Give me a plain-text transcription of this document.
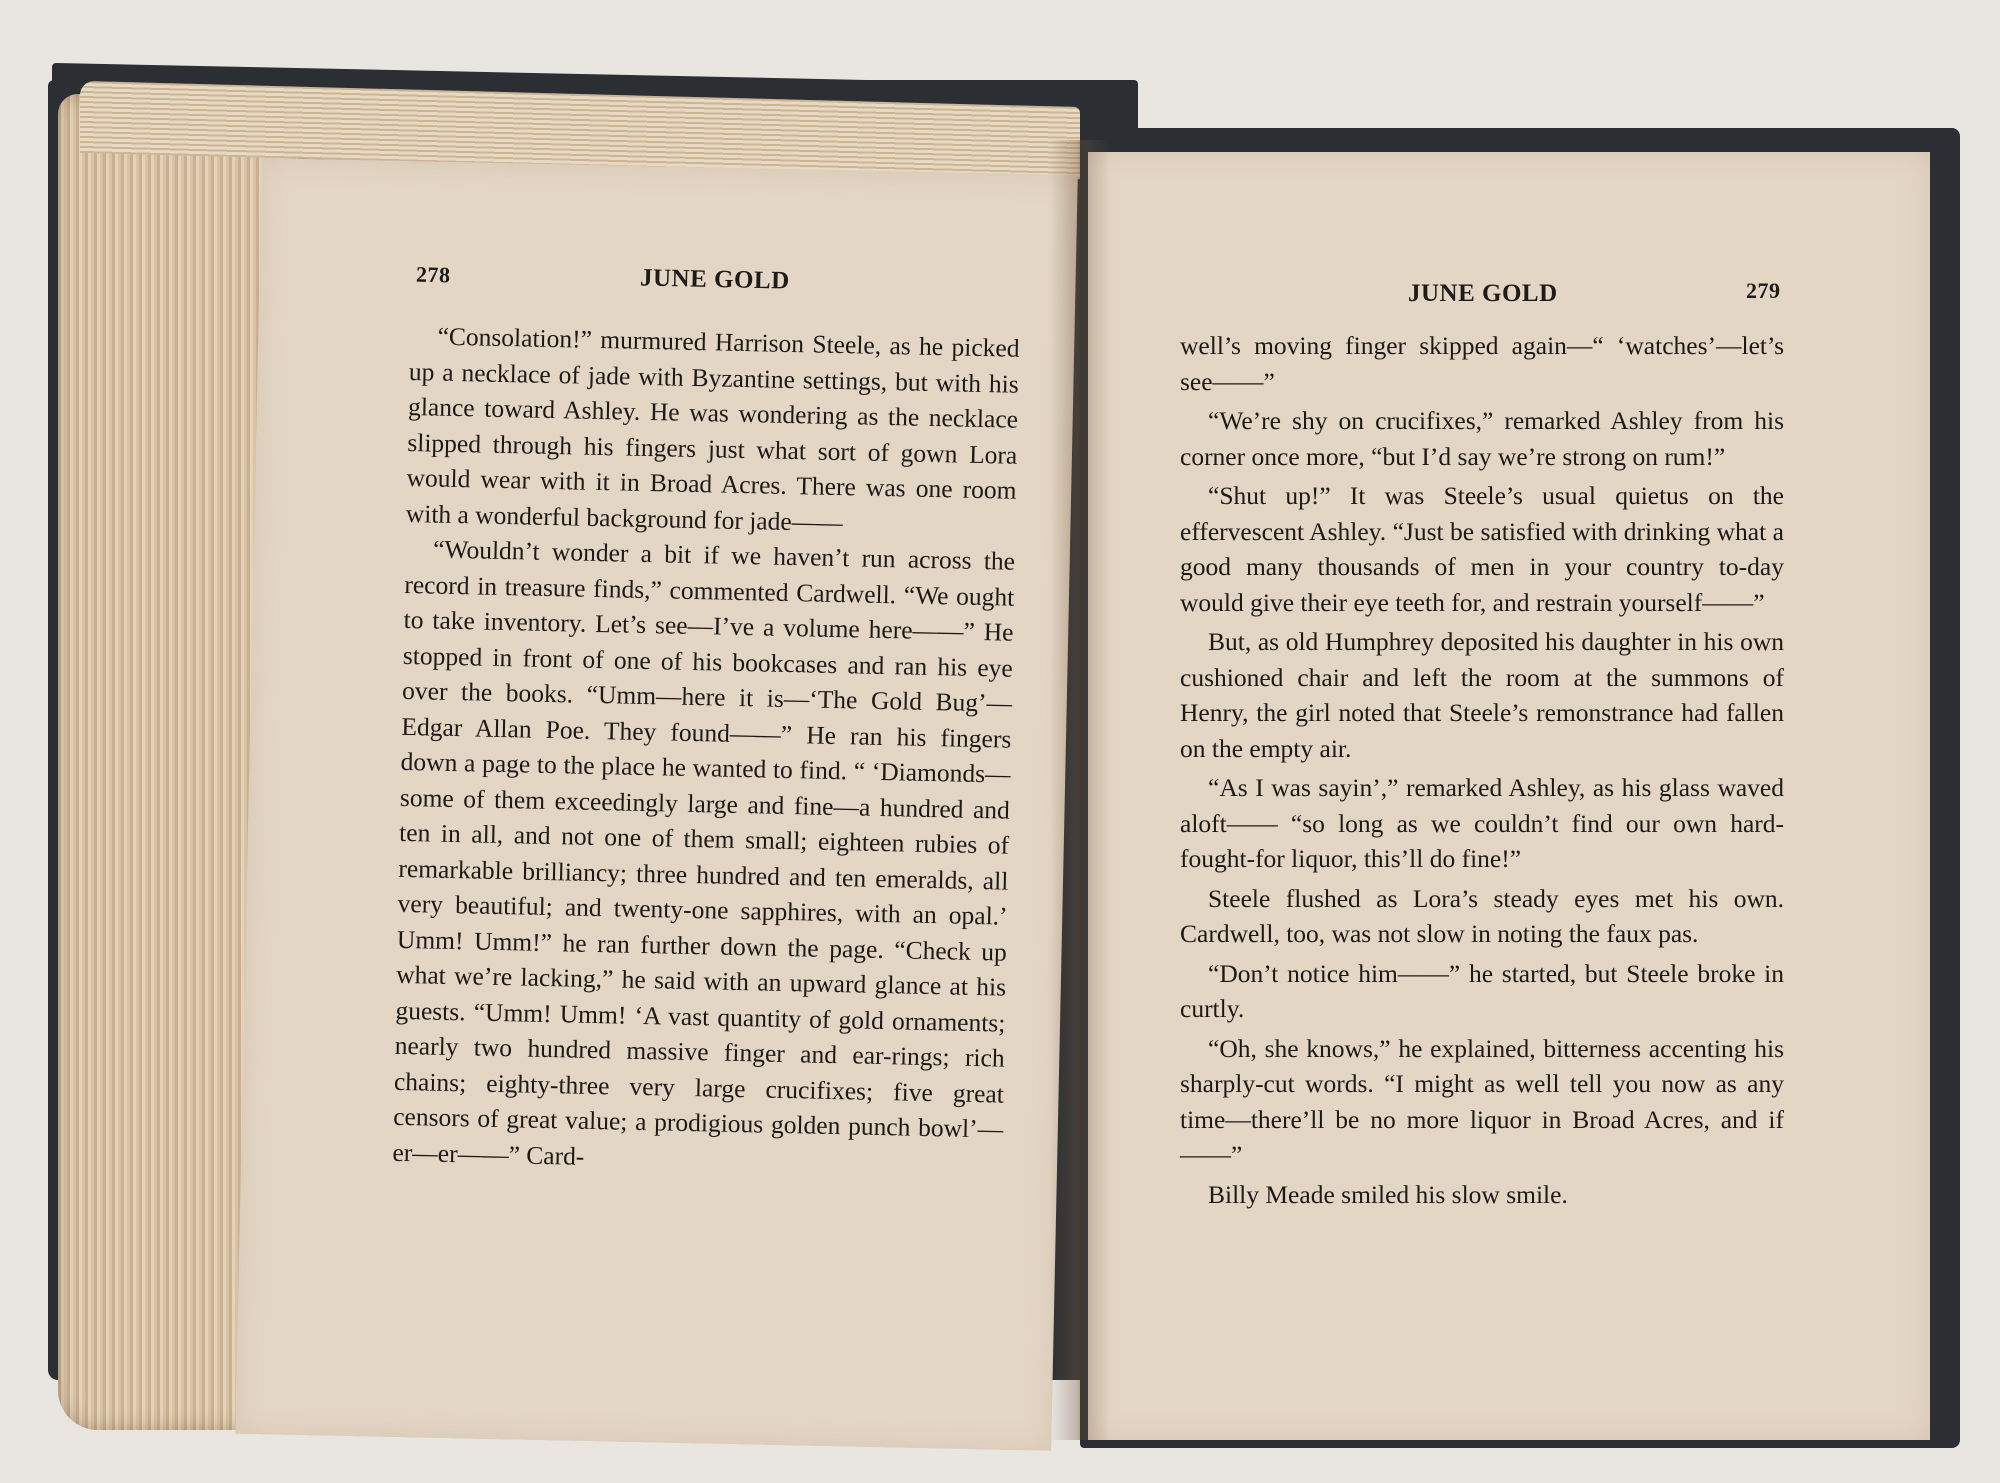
278	JUNE GOLD	JUNE GOLD	279

“Consolation!” murmured Harrison Steele, as he picked up a necklace of jade with Byzantine settings, but with his glance toward Ashley. He was wondering as the necklace slipped through his fingers just what sort of gown Lora would wear with it in Broad Acres. There was one room with a wonderful background for jade——

“Wouldn’t wonder a bit if we haven’t run across the record in treasure finds,” commented Cardwell. “We ought to take inventory. Let’s see—I’ve a volume here——” He stopped in front of one of his bookcases and ran his eye over the books. “Umm—here it is—‘The Gold Bug’—Edgar Allan Poe. They found——” He ran his fingers down a page to the place he wanted to find. “ ‘Diamonds—some of them exceedingly large and fine—a hundred and ten in all, and not one of them small; eighteen rubies of remarkable brilliancy; three hundred and ten emeralds, all very beautiful; and twenty-one sapphires, with an opal.’ Umm! Umm!” he ran further down the page. “Check up what we’re lacking,” he said with an upward glance at his guests. “Umm! Umm! ‘A vast quantity of gold ornaments; nearly two hundred massive finger and ear-rings; rich chains; eighty-three very large crucifixes; five great censors of great value; a prodigious golden punch bowl’—er—er——” Card-

well’s moving finger skipped again—“ ‘watches’—let’s see——”

“We’re shy on crucifixes,” remarked Ashley from his corner once more, “but I’d say we’re strong on rum!”

“Shut up!” It was Steele’s usual quietus on the effervescent Ashley. “Just be satisfied with drinking what a good many thousands of men in your country to-day would give their eye teeth for, and restrain yourself——”

But, as old Humphrey deposited his daughter in his own cushioned chair and left the room at the summons of Henry, the girl noted that Steele’s remonstrance had fallen on the empty air.

“As I was sayin’,” remarked Ashley, as his glass waved aloft—— “so long as we couldn’t find our own hard-fought-for liquor, this’ll do fine!”

Steele flushed as Lora’s steady eyes met his own. Cardwell, too, was not slow in noting the faux pas.

“Don’t notice him——” he started, but Steele broke in curtly.

“Oh, she knows,” he explained, bitterness accenting his sharply-cut words. “I might as well tell you now as any time—there’ll be no more liquor in Broad Acres, and if——”

Billy Meade smiled his slow smile.
